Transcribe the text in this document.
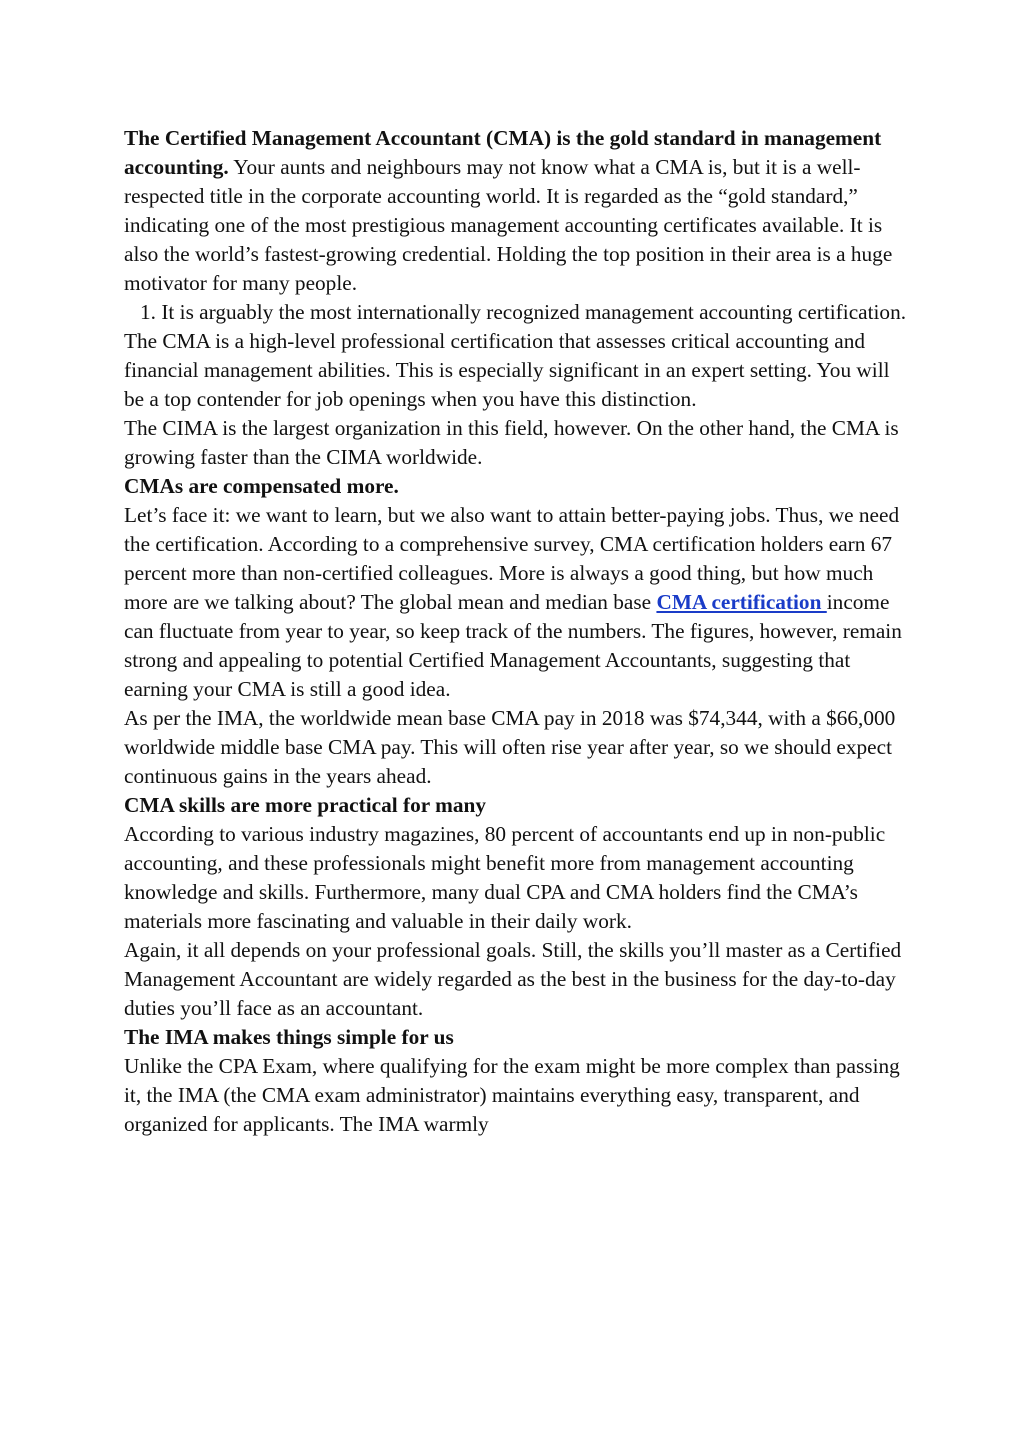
The Certified Management Accountant (CMA) is the gold standard in management accounting. Your aunts and neighbours may not know what a CMA is, but it is a well-respected title in the corporate accounting world. It is regarded as the “gold standard,” indicating one of the most prestigious management accounting certificates available. It is also the world’s fastest-growing credential. Holding the top position in their area is a huge motivator for many people.

1. It is arguably the most internationally recognized management accounting certification.

The CMA is a high-level professional certification that assesses critical accounting and financial management abilities. This is especially significant in an expert setting. You will be a top contender for job openings when you have this distinction.

The CIMA is the largest organization in this field, however. On the other hand, the CMA is growing faster than the CIMA worldwide.

CMAs are compensated more.

Let’s face it: we want to learn, but we also want to attain better-paying jobs. Thus, we need the certification. According to a comprehensive survey, CMA certification holders earn 67 percent more than non-certified colleagues. More is always a good thing, but how much more are we talking about? The global mean and median base CMA certification income can fluctuate from year to year, so keep track of the numbers. The figures, however, remain strong and appealing to potential Certified Management Accountants, suggesting that earning your CMA is still a good idea.

As per the IMA, the worldwide mean base CMA pay in 2018 was $74,344, with a $66,000 worldwide middle base CMA pay. This will often rise year after year, so we should expect continuous gains in the years ahead.

CMA skills are more practical for many

According to various industry magazines, 80 percent of accountants end up in non-public accounting, and these professionals might benefit more from management accounting knowledge and skills. Furthermore, many dual CPA and CMA holders find the CMA’s materials more fascinating and valuable in their daily work.

Again, it all depends on your professional goals. Still, the skills you’ll master as a Certified Management Accountant are widely regarded as the best in the business for the day-to-day duties you’ll face as an accountant.

The IMA makes things simple for us

Unlike the CPA Exam, where qualifying for the exam might be more complex than passing it, the IMA (the CMA exam administrator) maintains everything easy, transparent, and organized for applicants. The IMA warmly
